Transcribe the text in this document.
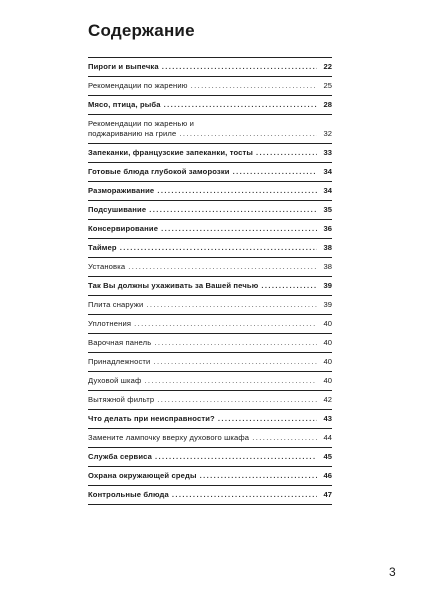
Содержание
Пироги и выпечка .....	22
Рекомендации по жарению .....	25
Мясо, птица, рыба .....	28
Рекомендации по жаренью и
поджариванию на гриле .....	32
Запеканки, французские запеканки, тосты .....	33
Готовые блюда глубокой заморозки .....	34
Размораживание .....	34
Подсушивание .....	35
Консервирование .....	36
Таймер .....	38
Установка .....	38
Так Вы должны ухаживать за Вашей печью .....	39
Плита снаружи .....	39
Уплотнения .....	40
Варочная панель .....	40
Принадлежности .....	40
Духовой шкаф .....	40
Вытяжной фильтр .....	42
Что делать при неисправности? .....	43
Замените лампочку вверху духового шкафа .....	44
Служба сервиса .....	45
Охрана окружающей среды .....	46
Контрольные блюда .....	47
3
